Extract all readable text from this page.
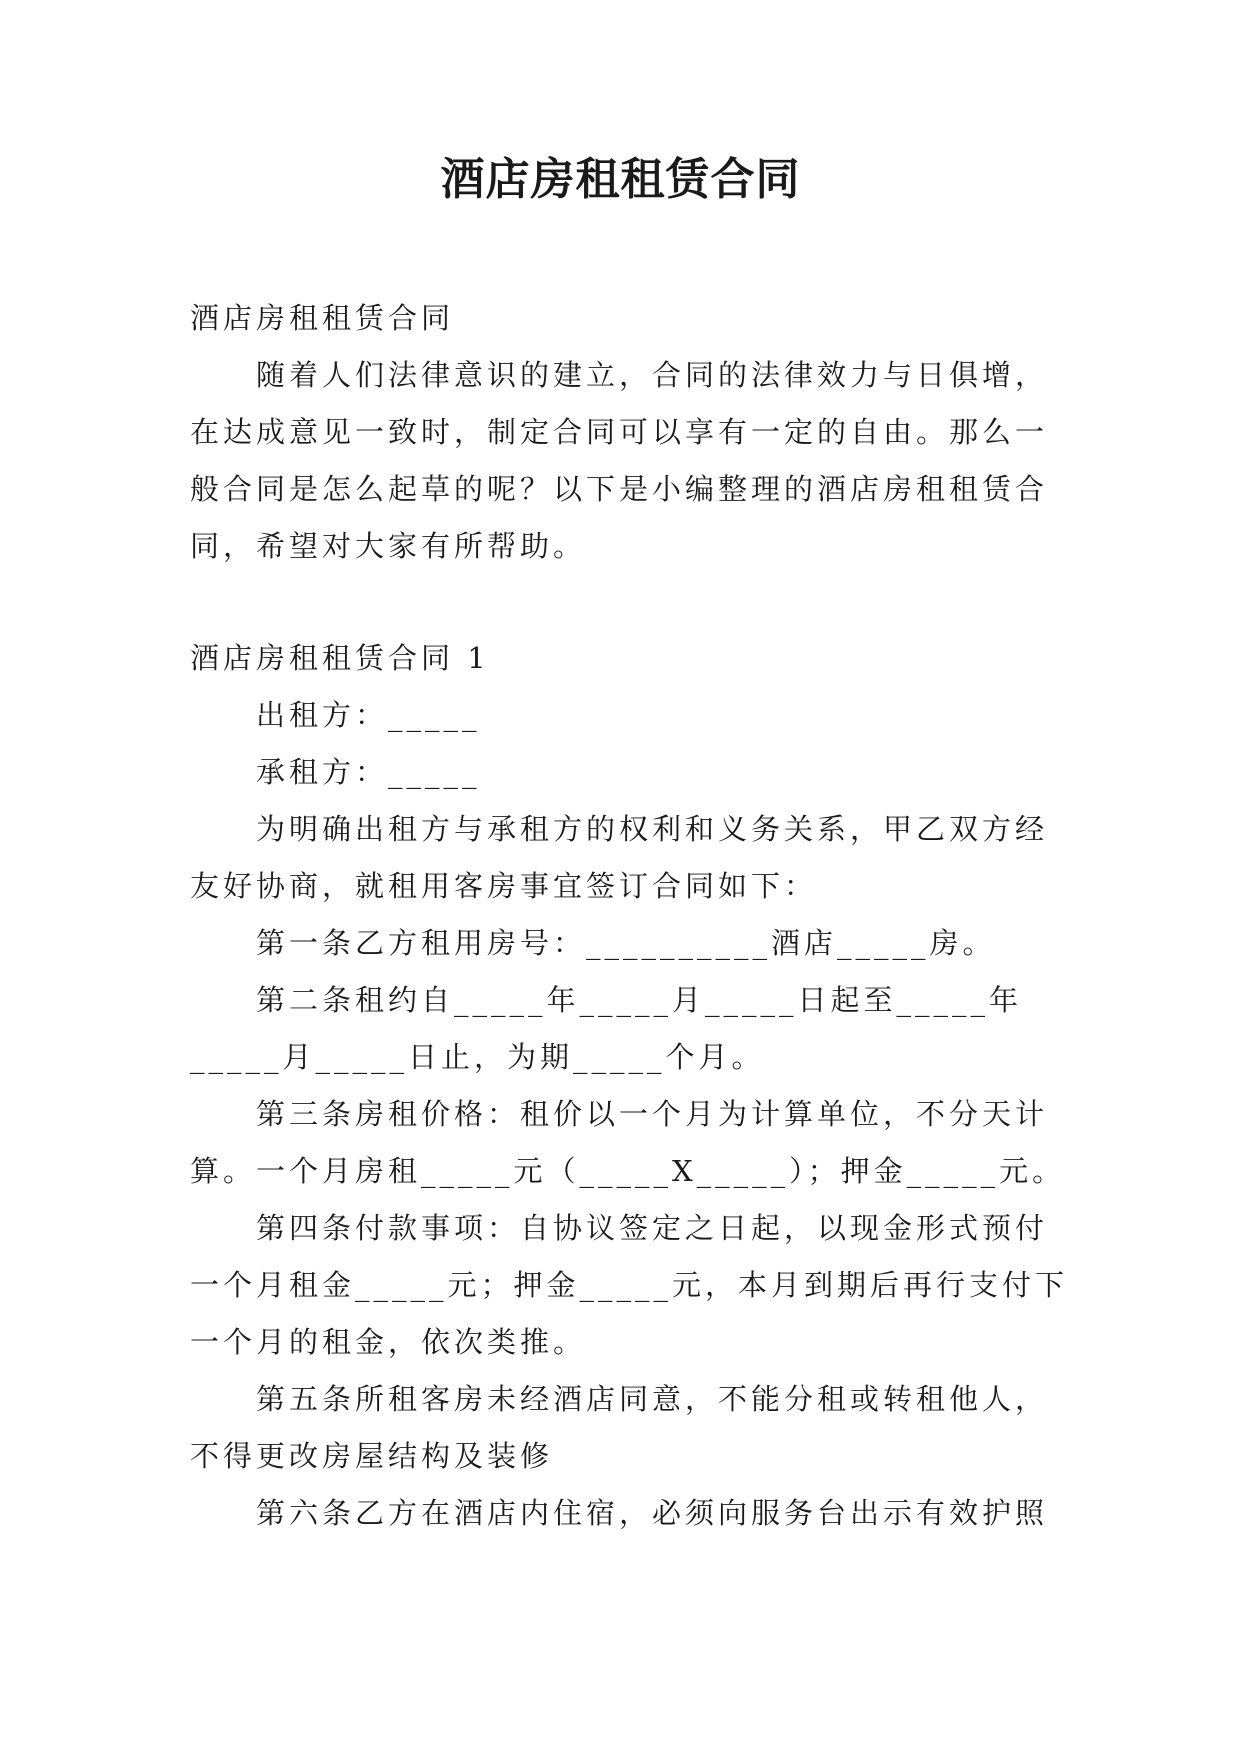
酒店房租租赁合同

酒店房租租赁合同

随着人们法律意识的建立，合同的法律效力与日俱增，在达成意见一致时，制定合同可以享有一定的自由。那么一般合同是怎么起草的呢？以下是小编整理的酒店房租租赁合同，希望对大家有所帮助。

酒店房租租赁合同 1

出租方：_____

承租方：_____

为明确出租方与承租方的权利和义务关系，甲乙双方经友好协商，就租用客房事宜签订合同如下：

第一条乙方租用房号：__________酒店_____房。

第二条租约自_____年_____月_____日起至_____年_____月_____日止，为期_____个月。

第三条房租价格：租价以一个月为计算单位，不分天计算。一个月房租_____元（_____X_____）；押金_____元。

第四条付款事项：自协议签定之日起，以现金形式预付一个月租金_____元；押金_____元，本月到期后再行支付下一个月的租金，依次类推。

第五条所租客房未经酒店同意，不能分租或转租他人，不得更改房屋结构及装修

第六条乙方在酒店内住宿，必须向服务台出示有效护照
